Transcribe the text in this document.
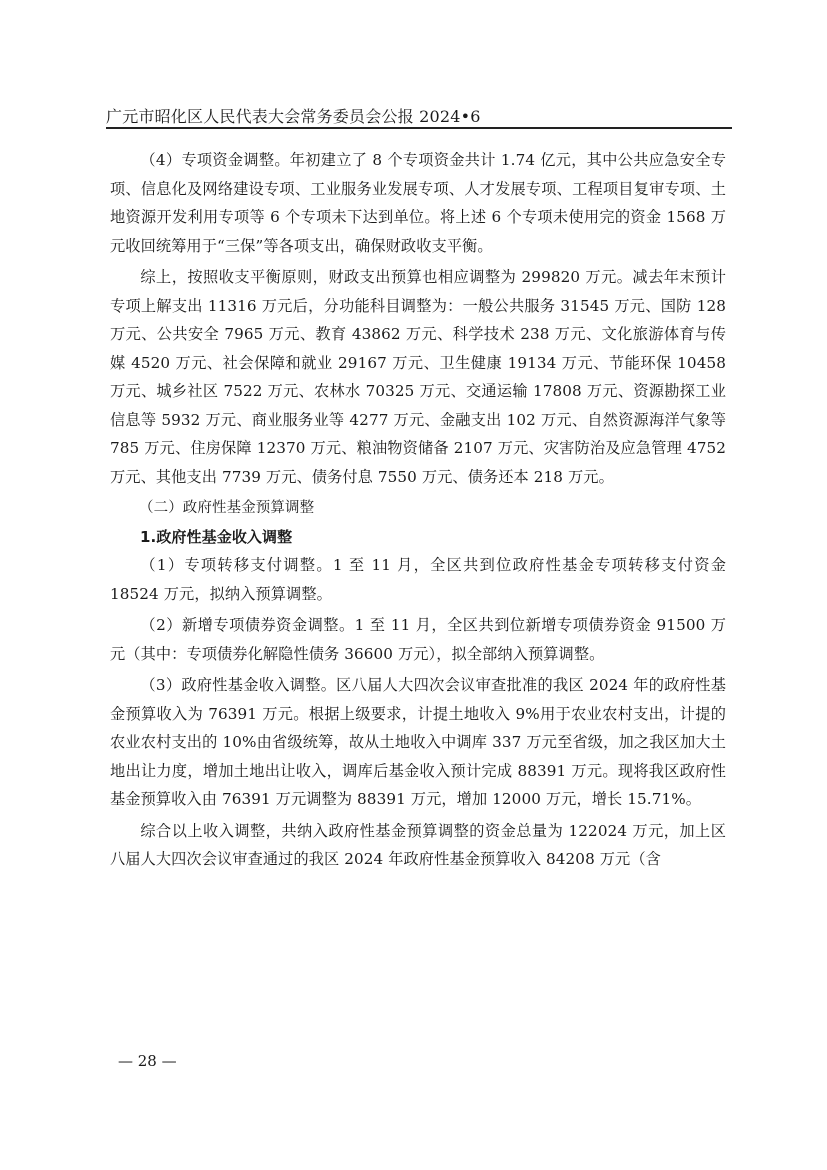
广元市昭化区人民代表大会常务委员会公报 2024•6

（4）专项资金调整。年初建立了 8 个专项资金共计 1.74 亿元，其中公共应急安全专项、信息化及网络建设专项、工业服务业发展专项、人才发展专项、工程项目复审专项、土地资源开发利用专项等 6 个专项未下达到单位。将上述 6 个专项未使用完的资金 1568 万元收回统筹用于“三保”等各项支出，确保财政收支平衡。

综上，按照收支平衡原则，财政支出预算也相应调整为 299820 万元。减去年末预计专项上解支出 11316 万元后，分功能科目调整为：一般公共服务 31545 万元、国防 128 万元、公共安全 7965 万元、教育 43862 万元、科学技术 238 万元、文化旅游体育与传媒 4520 万元、社会保障和就业 29167 万元、卫生健康 19134 万元、节能环保 10458 万元、城乡社区 7522 万元、农林水 70325 万元、交通运输 17808 万元、资源勘探工业信息等 5932 万元、商业服务业等 4277 万元、金融支出 102 万元、自然资源海洋气象等 785 万元、住房保障 12370 万元、粮油物资储备 2107 万元、灾害防治及应急管理 4752 万元、其他支出 7739 万元、债务付息 7550 万元、债务还本 218 万元。

（二）政府性基金预算调整

1.政府性基金收入调整

（1）专项转移支付调整。1 至 11 月，全区共到位政府性基金专项转移支付资金 18524 万元，拟纳入预算调整。

（2）新增专项债券资金调整。1 至 11 月，全区共到位新增专项债券资金 91500 万元（其中：专项债券化解隐性债务 36600 万元），拟全部纳入预算调整。

（3）政府性基金收入调整。区八届人大四次会议审查批准的我区 2024 年的政府性基金预算收入为 76391 万元。根据上级要求，计提土地收入 9%用于农业农村支出，计提的农业农村支出的 10%由省级统筹，故从土地收入中调库 337 万元至省级，加之我区加大土地出让力度，增加土地出让收入，调库后基金收入预计完成 88391 万元。现将我区政府性基金预算收入由 76391 万元调整为 88391 万元，增加 12000 万元，增长 15.71%。

综合以上收入调整，共纳入政府性基金预算调整的资金总量为 122024 万元，加上区八届人大四次会议审查通过的我区 2024 年政府性基金预算收入 84208 万元（含

— 28 —
